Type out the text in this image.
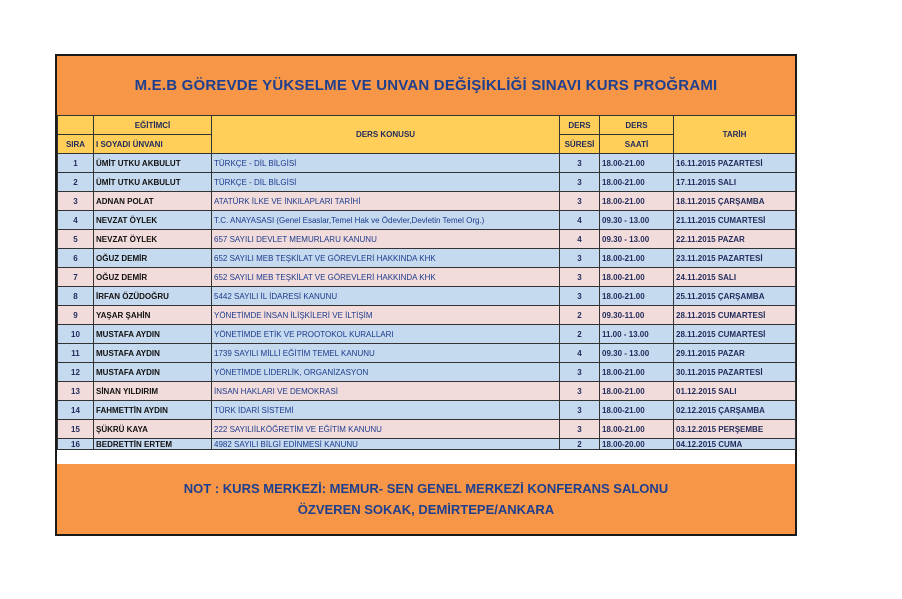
M.E.B GÖREVDE YÜKSELME VE UNVAN DEĞİŞİKLİĞİ SINAVI KURS PROĞRAMI
	EĞİTİMCİ	DERS KONUSU	DERS	DERS	TARİH
SIRA	I SOYADI ÜNVANI		SÜRESİ	SAATİ	
1	ÜMİT UTKU AKBULUT	TÜRKÇE - DİL BİLGİSİ	3	18.00-21.00	16.11.2015 PAZARTESİ
2	ÜMİT UTKU AKBULUT	TÜRKÇE - DİL BİLGİSİ	3	18.00-21.00	17.11.2015 SALI
3	ADNAN POLAT	ATATÜRK İLKE VE İNKILAPLARI TARİHİ	3	18.00-21.00	18.11.2015 ÇARŞAMBA
4	NEVZAT ÖYLEK	T.C. ANAYASASI (Genel Esaslar,Temel Hak ve Ödevler,Devletin Temel Org.)	4	09.30 - 13.00	21.11.2015 CUMARTESİ
5	NEVZAT ÖYLEK	657 SAYILI DEVLET MEMURLARU KANUNU	4	09.30 - 13.00	22.11.2015 PAZAR
6	OĞUZ DEMİR	652 SAYILI MEB TEŞKİLAT VE GÖREVLERİ HAKKINDA KHK	3	18.00-21.00	23.11.2015 PAZARTESİ
7	OĞUZ DEMİR	652 SAYILI MEB TEŞKİLAT VE GÖREVLERİ HAKKINDA KHK	3	18.00-21.00	24.11.2015 SALI
8	İRFAN ÖZÜDOĞRU	5442 SAYILI İL İDARESİ KANUNU	3	18.00-21.00	25.11.2015 ÇARŞAMBA
9	YAŞAR ŞAHİN	YÖNETİMDE İNSAN İLİŞKİLERİ VE İLTİŞİM	2	09.30-11.00	28.11.2015 CUMARTESİ
10	MUSTAFA AYDIN	YÖNETİMDE ETİK VE PROOTOKOL KURALLARI	2	11.00 - 13.00	28.11.2015 CUMARTESİ
11	MUSTAFA AYDIN	1739 SAYILI MİLLİ EĞİTİM TEMEL KANUNU	4	09.30 - 13.00	29.11.2015 PAZAR
12	MUSTAFA AYDIN	YÖNETİMDE LİDERLİK, ORGANİZASYON	3	18.00-21.00	30.11.2015 PAZARTESİ
13	SİNAN YILDIRIM	İNSAN HAKLARI VE DEMOKRASİ	3	18.00-21.00	01.12.2015 SALI
14	FAHMETTİN AYDIN	TÜRK İDARİ SİSTEMİ	3	18.00-21.00	02.12.2015 ÇARŞAMBA
15	ŞÜKRÜ KAYA	222 SAYILIİLKÖĞRETİM VE EĞİTİM KANUNU	3	18.00-21.00	03.12.2015 PERŞEMBE
16	BEDRETTİN ERTEM	4982 SAYILI BİLGİ EDİNMESİ KANUNU	2	18.00-20.00	04.12.2015 CUMA
NOT : KURS MERKEZİ: MEMUR- SEN GENEL MERKEZİ KONFERANS SALONU
ÖZVEREN SOKAK, DEMİRTEPE/ANKARA
